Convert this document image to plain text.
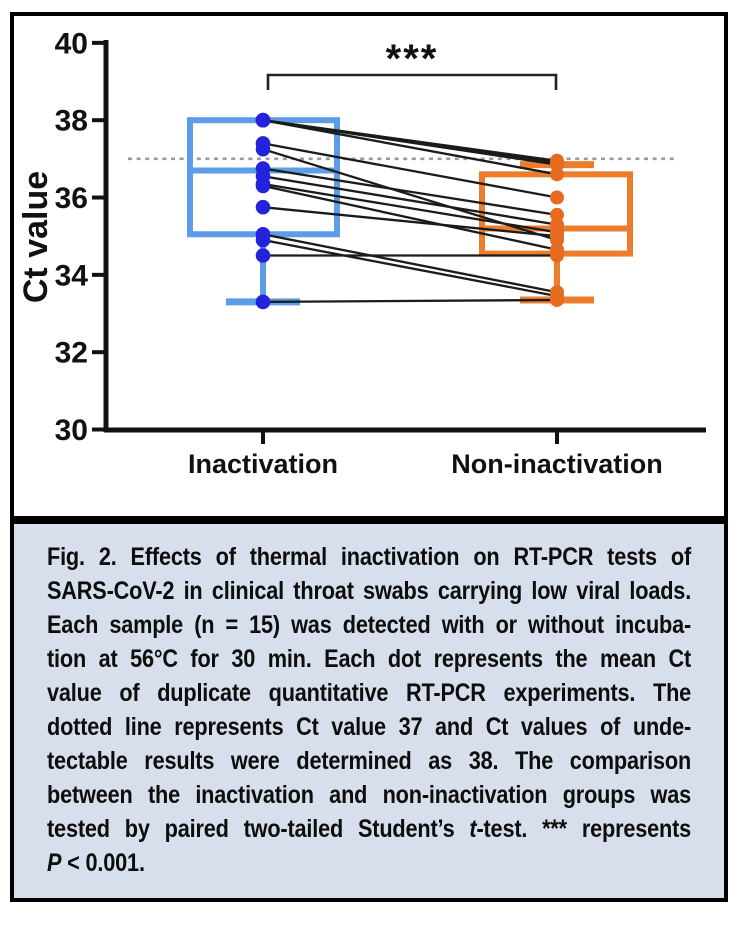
***
30
32
34
36
38
40
Inactivation	Non-inactivation
Ct value
Fig. 2. Effects of thermal inactivation on RT-PCR tests of
SARS-CoV-2 in clinical throat swabs carrying low viral loads.
Each sample (n = 15) was detected with or without incuba-
tion at 56°C for 30 min. Each dot represents the mean Ct
value of duplicate quantitative RT-PCR experiments. The
dotted line represents Ct value 37 and Ct values of unde-
tectable results were determined as 38. The comparison
between the inactivation and non-inactivation groups was
tested by paired two-tailed Student’s t-test. *** represents
P < 0.001.
